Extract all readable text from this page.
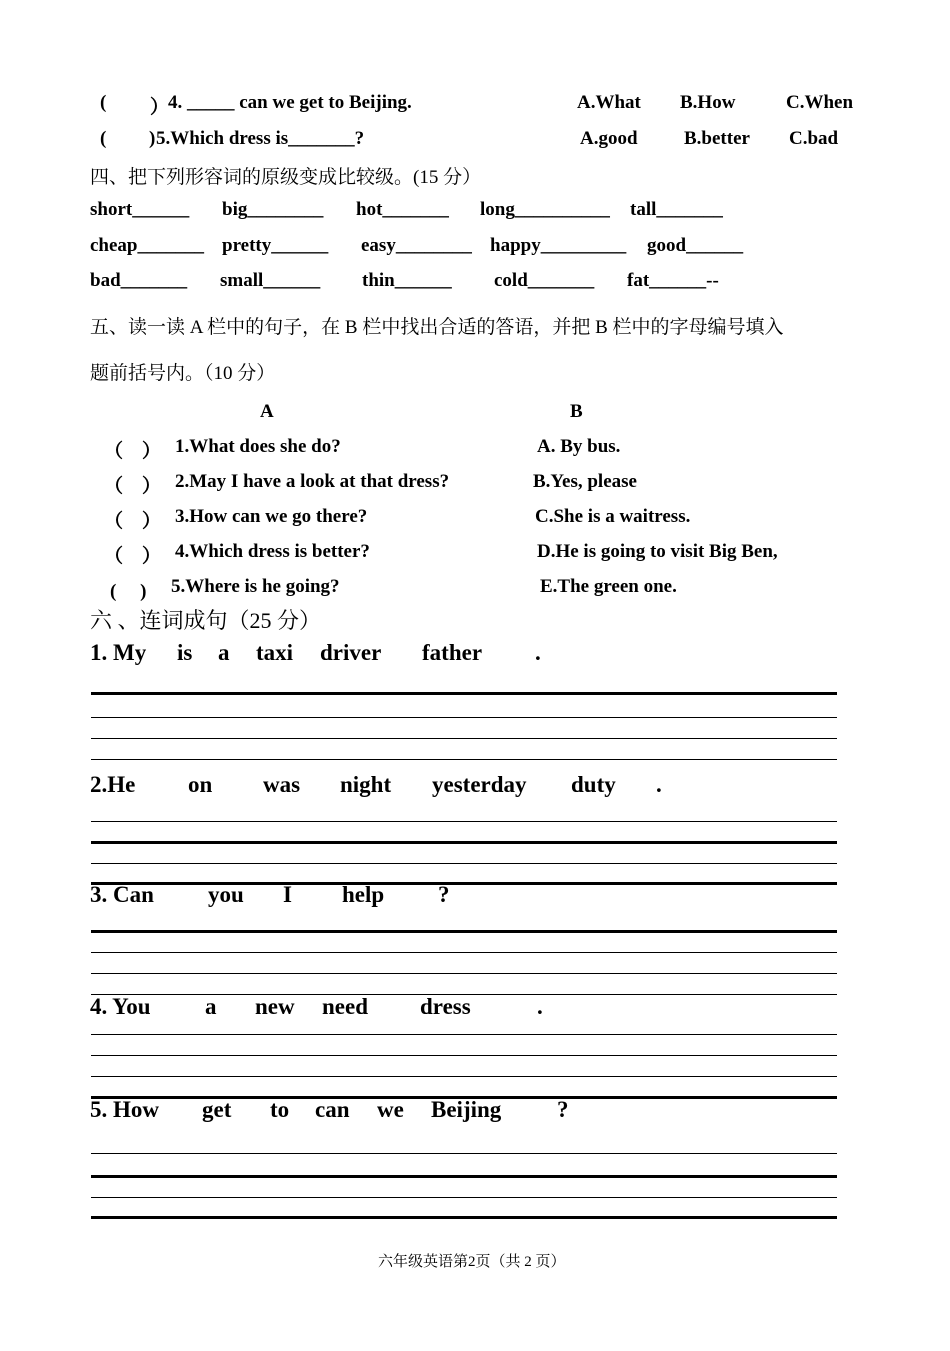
( ）
4. _____ can we get to Beijing.	A.What B.How	C.When
( ) 5.Which dress is_______?	A.good B.better C.bad
四、把下列形容词的原级变成比较级。(15 分）
short______ big________ hot_______ long__________ tall_______
cheap_______ pretty______ easy________ happy_________ good______
bad_______ small______ thin______ cold_______ fat______--
五、读一读 A 栏中的句子，在 B 栏中找出合适的答语，并把 B 栏中的字母编号填入
题前括号内。（10 分）
A	B
（　） 1.What does she do?	A. By bus.
（　） 2.May I have a look at that dress?	B.Yes, please
（　） 3.How can we go there?	C.She is a waitress.
（　） 4.Which dress is better?	D.He is going to visit Big Ben,
(　 ) 5.Where is he going?	E.The green one.
六 、连词成句（25 分）
1. My is a taxi driver father .
2.He on was night yesterday duty .
3. Can you I help ?
4. You a new need dress	.
5. How get to can we Beijing ?
六年级英语第2页（共 2 页）
